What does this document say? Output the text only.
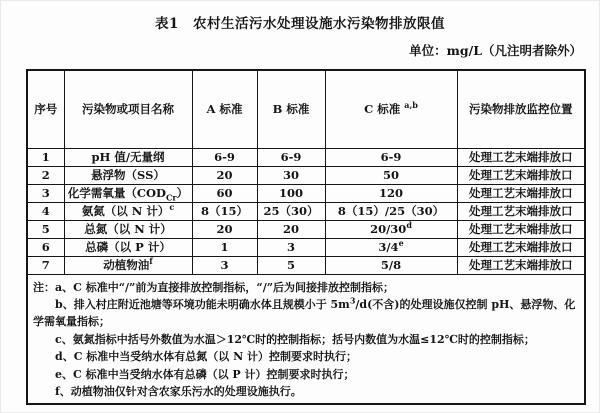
表1　农村生活污水处理设施水污染物排放限值
单位：mg/L（凡注明者除外）
序号	污染物或项目名称	A 标准	B 标准	C 标准 $^{a,b}$	污染物排放监控位置
1	pH 值/无量纲	6-9	6-9	6-9	处理工艺末端排放口
2	悬浮物（SS）	20	30	50	处理工艺末端排放口
3	化学需氧量$(COD_{Cr})$	60	100	120	处理工艺末端排放口
4	氨氮（以 N 计）$^c$	8（15）	25（30）	8（15）/25（30）	处理工艺末端排放口
5	总氮（以 N 计）	20	20	20/30$^d$	处理工艺末端排放口
6	总磷（以 P 计）	1	3	3/4e	处理工艺末端排放口
7	动植物油$^f$	3	5	5/8	处理工艺末端排放口

注：a、C 标准中“/”前为直接排放控制指标，“/”后为间接排放控制指标；

b、排入村庄附近池塘等环境功能未明确水体且规模小于 $5m^3/d$(不含)的处理设施仅控制 pH、悬浮物、化学需氧量指标；

c、氨氮指标中括号外数值为水温＞12℃时的控制指标；括号内数值为水温≤12℃时的控制指标；

d、C 标准中当受纳水体有总氮（以 N 计）控制要求时执行；

e、C 标准中当受纳水体有总磷（以 P 计）控制要求时执行；

f、动植物油仅针对含农家乐污水的处理设施执行。
